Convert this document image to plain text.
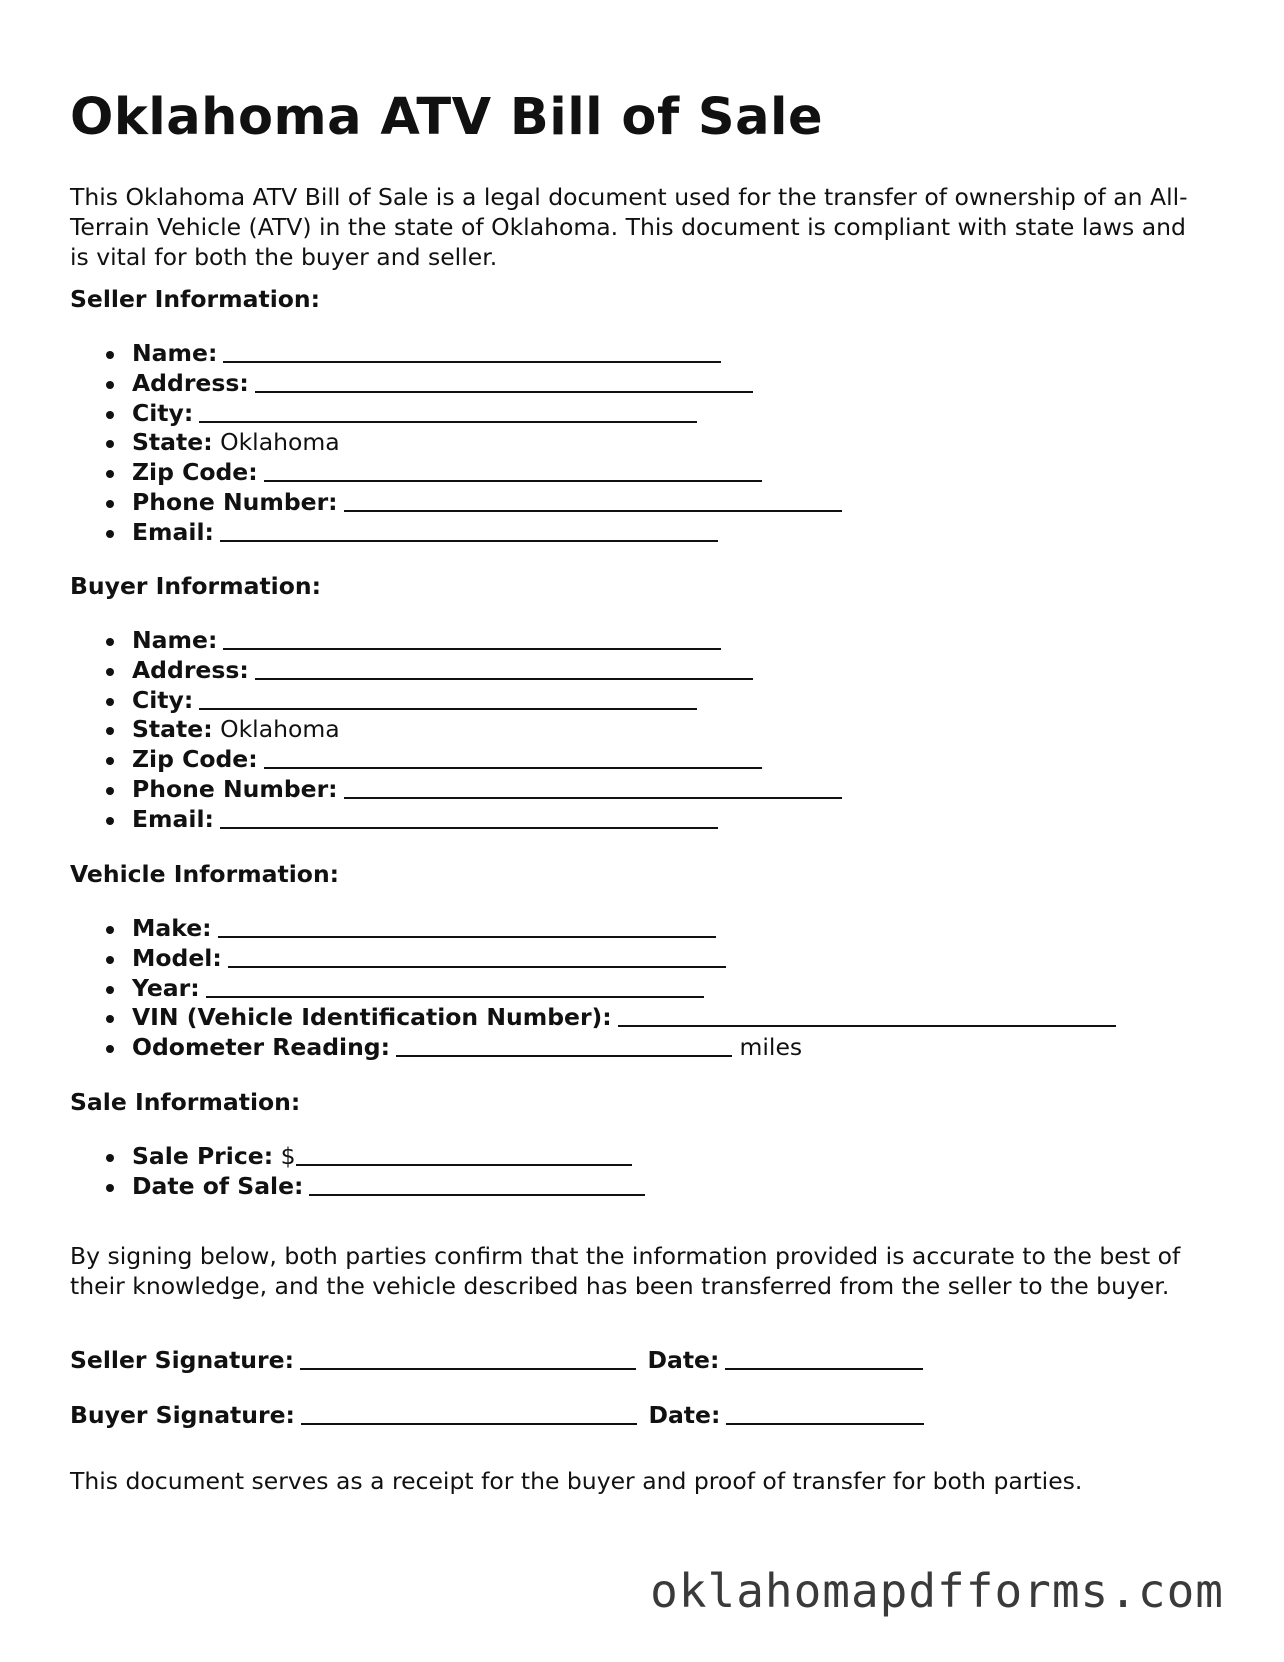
Oklahoma ATV Bill of Sale

This Oklahoma ATV Bill of Sale is a legal document used for the transfer of ownership of an All-Terrain Vehicle (ATV) in the state of Oklahoma. This document is compliant with state laws and is vital for both the buyer and seller.

Seller Information:

Name:
Address:
City:
State: Oklahoma
Zip Code:
Phone Number:
Email:

Buyer Information:

Name:
Address:
City:
State: Oklahoma
Zip Code:
Phone Number:
Email:

Vehicle Information:

Make:
Model:
Year:
VIN (Vehicle Identification Number):
Odometer Reading:	miles

Sale Information:

Sale Price: $
Date of Sale:

By signing below, both parties confirm that the information provided is accurate to the best of their knowledge, and the vehicle described has been transferred from the seller to the buyer.

Seller Signature:	Date:
Buyer Signature:	Date:

This document serves as a receipt for the buyer and proof of transfer for both parties.

oklahomapdfforms.com
